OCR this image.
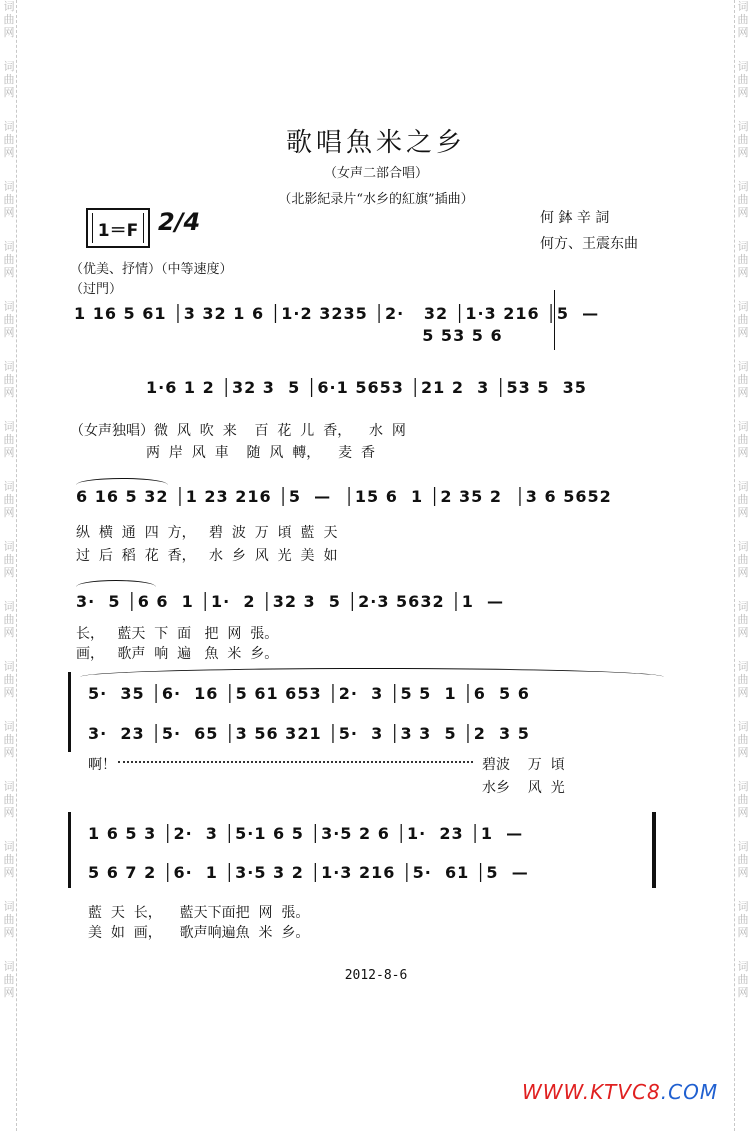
词
曲
网
词
曲
网
词
曲
网
词
曲
网
词
曲
网
词
曲
网
词
曲
网
词
曲
网
词
曲
网
词
曲
网
词
曲
网
词
曲
网
词
曲
网
词
曲
网
词
曲
网
词
曲
网
词
曲
网
词
曲
网
词
曲
网
词
曲
网
词
曲
网
词
曲
网
词
曲
网
词
曲
网
词
曲
网
词
曲
网
词
曲
网
词
曲
网
词
曲
网
词
曲
网
词
曲
网
词
曲
网
词
曲
网
词
曲
网
歌唱魚米之乡
（女声二部合唱）
（北影紀录片“水乡的紅旗”插曲）
何 鉢 辛 詞
何方、王震东曲
1＝F 2/4
（优美、抒情）（中等速度）
（过門）
1 16 5 61 │3 32 1 6 │1·2 3235 │2·   32 │1·3 216 │5  —
5 53 5 6
1·6 1 2 │32 3  5 │6·1 5653 │21 2  3 │53 5  35
（女声独唱）微  风  吹  来    百  花  儿  香，    水  网
两  岸  风  車    随  风  轉，    麦  香
6 16 5 32 │1 23 216 │5  —  │15 6  1 │2 35 2  │3 6 5652
纵  横  通  四  方，   碧  波  万  頃  藍  天
过  后  稻  花  香，   水  乡  风  光  美  如
3·  5 │6 6  1 │1·  2 │32 3  5 │2·3 5632 │1  —
长，   藍天  下  面   把  网  張。
画，   歌声  响  遍   魚  米  乡。
5·  35 │6·  16 │5 61 653 │2·  3 │5 5  1 │6  5 6
3·  23 │5·  65 │3 56 321 │5·  3 │3 3  5 │2  3 5
啊！	碧波    万  頃
水乡    风  光
1 6 5 3 │2·  3 │5·1 6 5 │3·5 2 6 │1·  23 │1  —
5 6 7 2 │6·  1 │3·5 3 2 │1·3 216 │5·  61 │5  —
藍  天  长，    藍天下面把  网  張。
美  如  画，    歌声响遍魚  米  乡。
2012-8-6
WWW.KTVC8.COM
